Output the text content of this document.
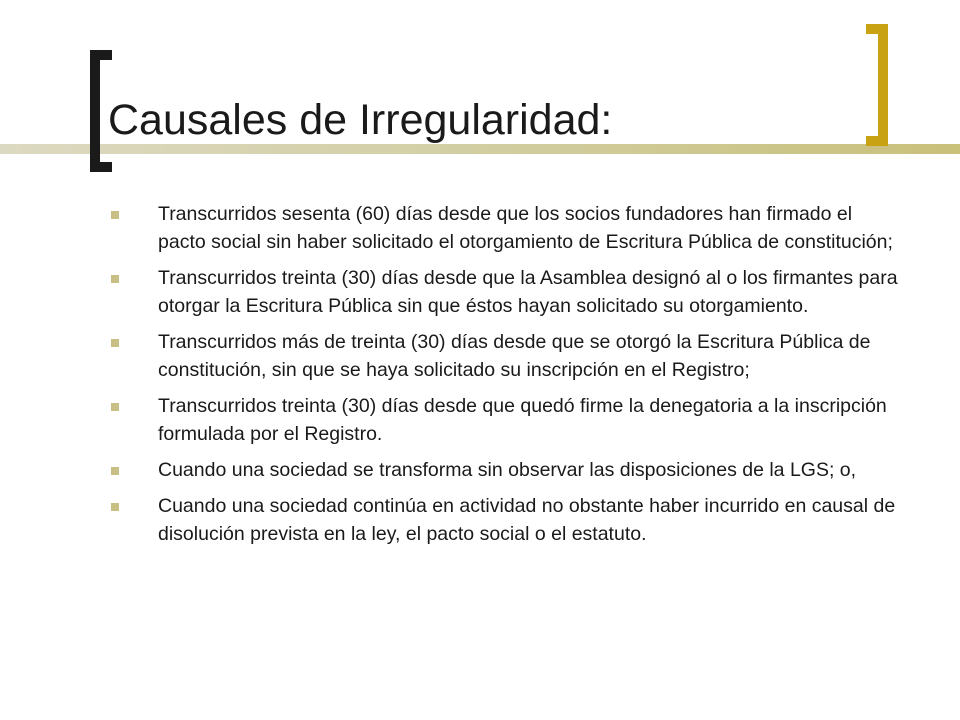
Causales de Irregularidad:
Transcurridos sesenta (60) días desde que los socios fundadores han firmado el pacto social sin haber solicitado el otorgamiento de Escritura Pública de constitución;
Transcurridos treinta (30) días desde que la Asamblea designó al o los firmantes para otorgar la Escritura Pública sin que éstos hayan solicitado su otorgamiento.
Transcurridos más de treinta (30) días desde que se otorgó la Escritura Pública de constitución, sin que se haya solicitado su inscripción en el Registro;
Transcurridos treinta (30) días desde que quedó firme la denegatoria a la inscripción formulada por el Registro.
Cuando una sociedad se transforma sin observar las disposiciones de la LGS; o,
Cuando una sociedad continúa en actividad no obstante haber incurrido en causal de disolución prevista en la ley, el pacto social o el estatuto.
